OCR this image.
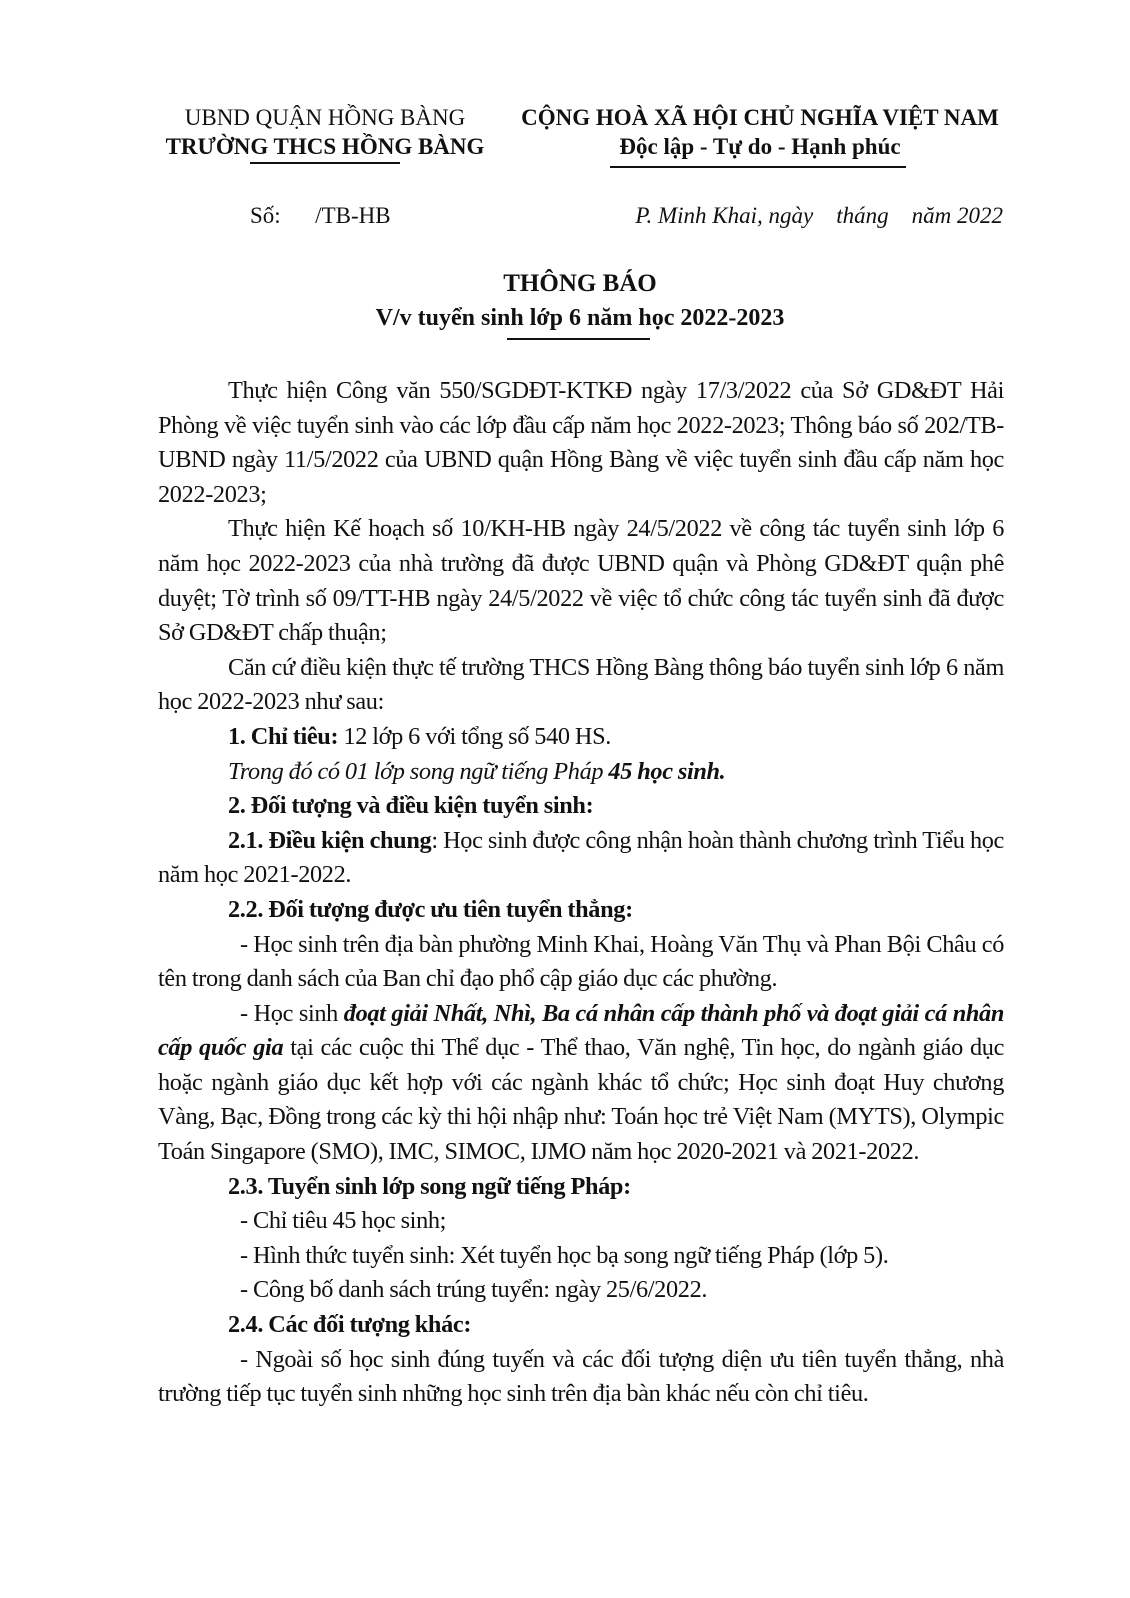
UBND QUẬN HỒNG BÀNG
TRƯỜNG THCS HỒNG BÀNG
CỘNG HOÀ XÃ HỘI CHỦ NGHĨA VIỆT NAM
Độc lập - Tự do - Hạnh phúc
Số:      /TB-HB	P. Minh Khai, ngày    tháng    năm 2022
THÔNG BÁO
V/v tuyển sinh lớp 6 năm học 2022-2023

Thực hiện Công văn 550/SGDĐT-KTKĐ ngày 17/3/2022 của Sở GD&ĐT Hải Phòng về việc tuyển sinh vào các lớp đầu cấp năm học 2022-2023; Thông báo số 202/TB-UBND ngày 11/5/2022 của UBND quận Hồng Bàng về việc tuyển sinh đầu cấp năm học 2022-2023;

Thực hiện Kế hoạch số 10/KH-HB ngày 24/5/2022 về công tác tuyển sinh lớp 6 năm học 2022-2023 của nhà trường đã được UBND quận và Phòng GD&ĐT quận phê duyệt; Tờ trình số 09/TT-HB ngày 24/5/2022 về việc tổ chức công tác tuyển sinh đã được Sở GD&ĐT chấp thuận;

Căn cứ điều kiện thực tế trường THCS Hồng Bàng thông báo tuyển sinh lớp 6 năm học 2022-2023 như sau:

1. Chỉ tiêu: 12 lớp 6 với tổng số 540 HS.

Trong đó có 01 lớp song ngữ tiếng Pháp 45 học sinh.

2. Đối tượng và điều kiện tuyển sinh:

2.1. Điều kiện chung: Học sinh được công nhận hoàn thành chương trình Tiểu học năm học 2021-2022.

2.2. Đối tượng được ưu tiên tuyển thẳng:

- Học sinh trên địa bàn phường Minh Khai, Hoàng Văn Thụ và Phan Bội Châu có tên trong danh sách của Ban chỉ đạo phổ cập giáo dục các phường.

- Học sinh đoạt giải Nhất, Nhì, Ba cá nhân cấp thành phố và đoạt giải cá nhân cấp quốc gia tại các cuộc thi Thể dục - Thể thao, Văn nghệ, Tin học, do ngành giáo dục hoặc ngành giáo dục kết hợp với các ngành khác tổ chức; Học sinh đoạt Huy chương Vàng, Bạc, Đồng trong các kỳ thi hội nhập như: Toán học trẻ Việt Nam (MYTS), Olympic Toán Singapore (SMO), IMC, SIMOC, IJMO năm học 2020-2021 và 2021-2022.

2.3. Tuyển sinh lớp song ngữ tiếng Pháp:

- Chỉ tiêu 45 học sinh;

- Hình thức tuyển sinh: Xét tuyển học bạ song ngữ tiếng Pháp (lớp 5).

- Công bố danh sách trúng tuyển: ngày 25/6/2022.

2.4. Các đối tượng khác:

- Ngoài số học sinh đúng tuyến và các đối tượng diện ưu tiên tuyển thẳng, nhà trường tiếp tục tuyển sinh những học sinh trên địa bàn khác nếu còn chỉ tiêu.
